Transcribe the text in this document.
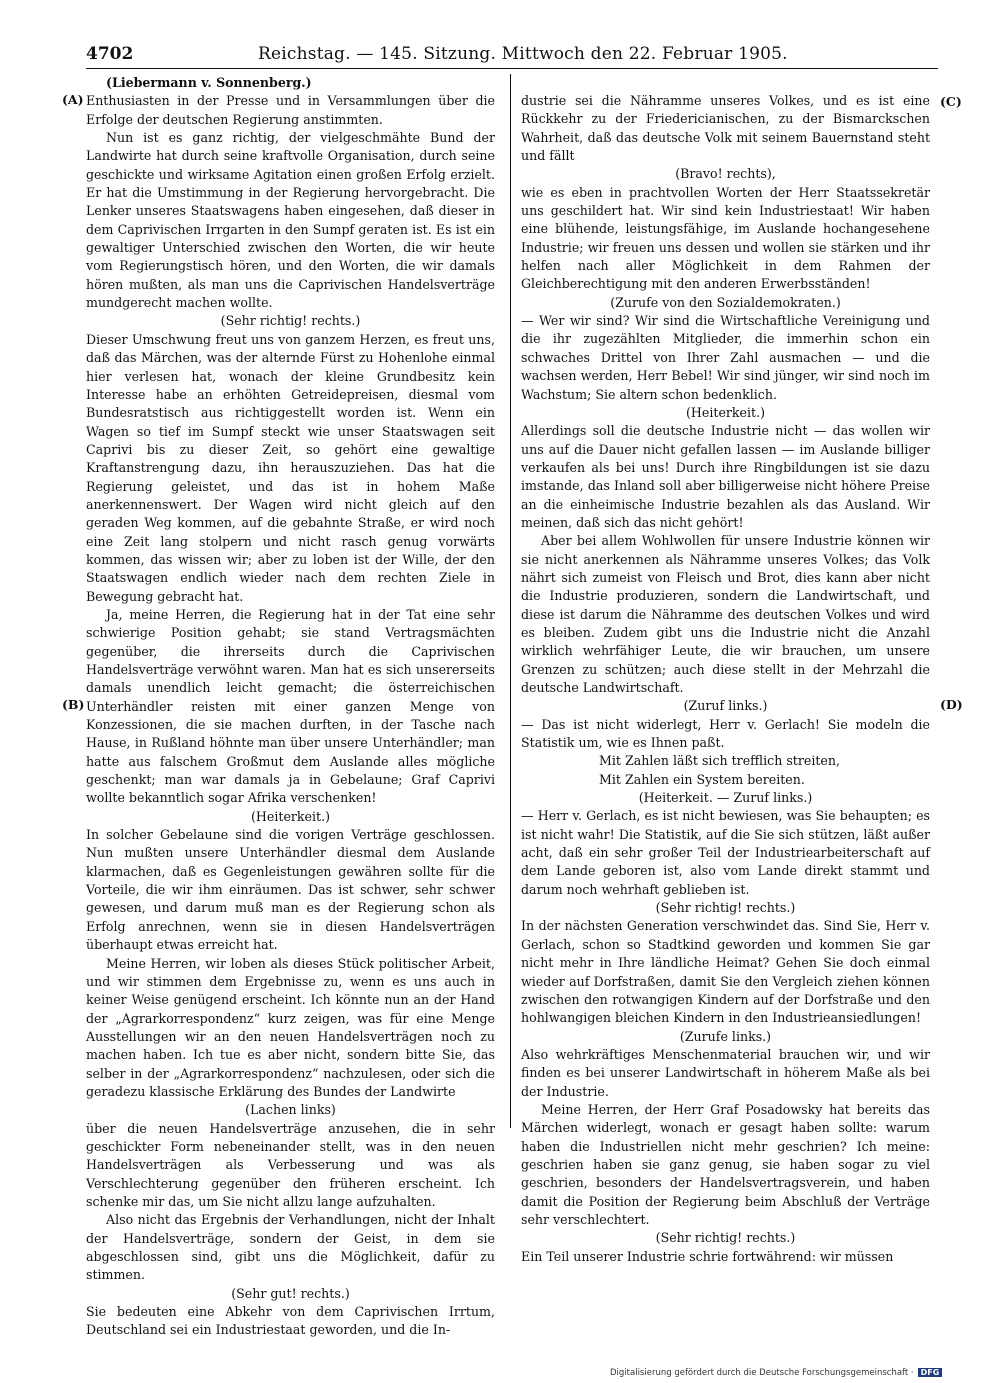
4702	Reichstag. — 145. Sitzung. Mittwoch den 22. Februar 1905.
(A)
(B)
(C)
(D)

(Liebermann v. Sonnenberg.)

Enthusiasten in der Presse und in Versammlungen über die Erfolge der deutschen Regierung anstimmten.

Nun ist es ganz richtig, der vielgeschmähte Bund der Landwirte hat durch seine kraftvolle Organisation, durch seine geschickte und wirksame Agitation einen großen Erfolg erzielt. Er hat die Umstimmung in der Regierung hervorgebracht. Die Lenker unseres Staatswagens haben eingesehen, daß dieser in dem Caprivischen Irrgarten in den Sumpf geraten ist. Es ist ein gewaltiger Unterschied zwischen den Worten, die wir heute vom Regierungstisch hören, und den Worten, die wir damals hören mußten, als man uns die Caprivischen Handelsverträge mundgerecht machen wollte.

(Sehr richtig! rechts.)

Dieser Umschwung freut uns von ganzem Herzen, es freut uns, daß das Märchen, was der alternde Fürst zu Hohenlohe einmal hier verlesen hat, wonach der kleine Grundbesitz kein Interesse habe an erhöhten Getreidepreisen, diesmal vom Bundesratstisch aus richtiggestellt worden ist. Wenn ein Wagen so tief im Sumpf steckt wie unser Staatswagen seit Caprivi bis zu dieser Zeit, so gehört eine gewaltige Kraftanstrengung dazu, ihn herauszuziehen. Das hat die Regierung geleistet, und das ist in hohem Maße anerkennenswert. Der Wagen wird nicht gleich auf den geraden Weg kommen, auf die gebahnte Straße, er wird noch eine Zeit lang stolpern und nicht rasch genug vorwärts kommen, das wissen wir; aber zu loben ist der Wille, der den Staatswagen endlich wieder nach dem rechten Ziele in Bewegung gebracht hat.

Ja, meine Herren, die Regierung hat in der Tat eine sehr schwierige Position gehabt; sie stand Vertragsmächten gegenüber, die ihrerseits durch die Caprivischen Handelsverträge verwöhnt waren. Man hat es sich unsererseits damals unendlich leicht gemacht; die österreichischen Unterhändler reisten mit einer ganzen Menge von Konzessionen, die sie machen durften, in der Tasche nach Hause, in Rußland höhnte man über unsere Unterhändler; man hatte aus falschem Großmut dem Auslande alles mögliche geschenkt; man war damals ja in Gebelaune; Graf Caprivi wollte bekanntlich sogar Afrika verschenken!

(Heiterkeit.)

In solcher Gebelaune sind die vorigen Verträge geschlossen. Nun mußten unsere Unterhändler diesmal dem Auslande klarmachen, daß es Gegenleistungen gewähren sollte für die Vorteile, die wir ihm einräumen. Das ist schwer, sehr schwer gewesen, und darum muß man es der Regierung schon als Erfolg anrechnen, wenn sie in diesen Handelsverträgen überhaupt etwas erreicht hat.

Meine Herren, wir loben als dieses Stück politischer Arbeit, und wir stimmen dem Ergebnisse zu, wenn es uns auch in keiner Weise genügend erscheint. Ich könnte nun an der Hand der „Agrarkorrespondenz“ kurz zeigen, was für eine Menge Ausstellungen wir an den neuen Handelsverträgen noch zu machen haben. Ich tue es aber nicht, sondern bitte Sie, das selber in der „Agrarkorrespondenz“ nachzulesen, oder sich die geradezu klassische Erklärung des Bundes der Landwirte

(Lachen links)

über die neuen Handelsverträge anzusehen, die in sehr geschickter Form nebeneinander stellt, was in den neuen Handelsverträgen als Verbesserung und was als Verschlechterung gegenüber den früheren erscheint. Ich schenke mir das, um Sie nicht allzu lange aufzuhalten.

Also nicht das Ergebnis der Verhandlungen, nicht der Inhalt der Handelsverträge, sondern der Geist, in dem sie abgeschlossen sind, gibt uns die Möglichkeit, dafür zu stimmen.

(Sehr gut! rechts.)

Sie bedeuten eine Abkehr von dem Caprivischen Irrtum, Deutschland sei ein Industriestaat geworden, und die In-

dustrie sei die Nähramme unseres Volkes, und es ist eine Rückkehr zu der Friedericianischen, zu der Bismarckschen Wahrheit, daß das deutsche Volk mit seinem Bauernstand steht und fällt

(Bravo! rechts),

wie es eben in prachtvollen Worten der Herr Staatssekretär uns geschildert hat. Wir sind kein Industriestaat! Wir haben eine blühende, leistungsfähige, im Auslande hochangesehene Industrie; wir freuen uns dessen und wollen sie stärken und ihr helfen nach aller Möglichkeit in dem Rahmen der Gleichberechtigung mit den anderen Erwerbsständen!

(Zurufe von den Sozialdemokraten.)

— Wer wir sind? Wir sind die Wirtschaftliche Vereinigung und die ihr zugezählten Mitglieder, die immerhin schon ein schwaches Drittel von Ihrer Zahl ausmachen — und die wachsen werden, Herr Bebel! Wir sind jünger, wir sind noch im Wachstum; Sie altern schon bedenklich.

(Heiterkeit.)

Allerdings soll die deutsche Industrie nicht — das wollen wir uns auf die Dauer nicht gefallen lassen — im Auslande billiger verkaufen als bei uns! Durch ihre Ringbildungen ist sie dazu imstande, das Inland soll aber billigerweise nicht höhere Preise an die einheimische Industrie bezahlen als das Ausland. Wir meinen, daß sich das nicht gehört!

Aber bei allem Wohlwollen für unsere Industrie können wir sie nicht anerkennen als Nähramme unseres Volkes; das Volk nährt sich zumeist von Fleisch und Brot, dies kann aber nicht die Industrie produzieren, sondern die Landwirtschaft, und diese ist darum die Nähramme des deutschen Volkes und wird es bleiben. Zudem gibt uns die Industrie nicht die Anzahl wirklich wehrfähiger Leute, die wir brauchen, um unsere Grenzen zu schützen; auch diese stellt in der Mehrzahl die deutsche Landwirtschaft.

(Zuruf links.)

— Das ist nicht widerlegt, Herr v. Gerlach! Sie modeln die Statistik um, wie es Ihnen paßt.

Mit Zahlen läßt sich trefflich streiten,

Mit Zahlen ein System bereiten.

(Heiterkeit. — Zuruf links.)

— Herr v. Gerlach, es ist nicht bewiesen, was Sie behaupten; es ist nicht wahr! Die Statistik, auf die Sie sich stützen, läßt außer acht, daß ein sehr großer Teil der Industriearbeiterschaft auf dem Lande geboren ist, also vom Lande direkt stammt und darum noch wehrhaft geblieben ist.

(Sehr richtig! rechts.)

In der nächsten Generation verschwindet das. Sind Sie, Herr v. Gerlach, schon so Stadtkind geworden und kommen Sie gar nicht mehr in Ihre ländliche Heimat? Gehen Sie doch einmal wieder auf Dorfstraßen, damit Sie den Vergleich ziehen können zwischen den rotwangigen Kindern auf der Dorfstraße und den hohlwangigen bleichen Kindern in den Industrieansiedlungen!

(Zurufe links.)

Also wehrkräftiges Menschenmaterial brauchen wir, und wir finden es bei unserer Landwirtschaft in höherem Maße als bei der Industrie.

Meine Herren, der Herr Graf Posadowsky hat bereits das Märchen widerlegt, wonach er gesagt haben sollte: warum haben die Industriellen nicht mehr geschrien? Ich meine: geschrien haben sie ganz genug, sie haben sogar zu viel geschrien, besonders der Handelsvertragsverein, und haben damit die Position der Regierung beim Abschluß der Verträge sehr verschlechtert.

(Sehr richtig! rechts.)

Ein Teil unserer Industrie schrie fortwährend: wir müssen

Digitalisierung gefördert durch die Deutsche Forschungsgemeinschaft · DFG
